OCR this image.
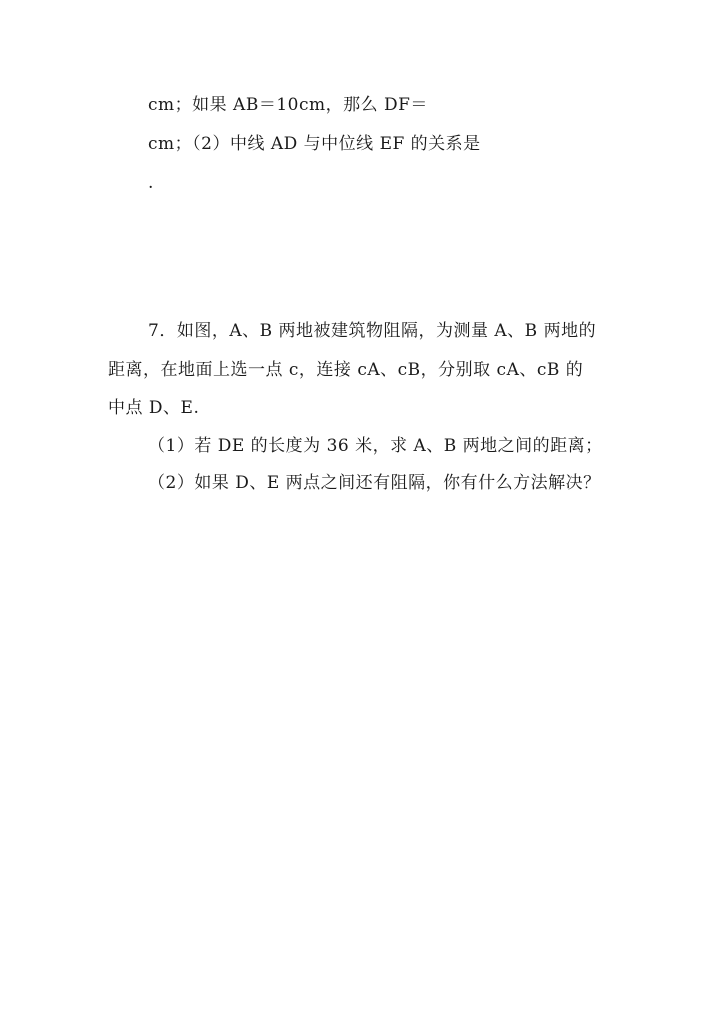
cm；如果 AB＝10cm，那么 DF＝
cm；（2）中线 AD 与中位线 EF 的关系是
.
7．如图，A、B 两地被建筑物阻隔，为测量 A、B 两地的
距离，在地面上选一点 c，连接 cA、cB，分别取 cA、cB 的
中点 D、E.
（1）若 DE 的长度为 36 米，求 A、B 两地之间的距离；
（2）如果 D、E 两点之间还有阻隔，你有什么方法解决？
